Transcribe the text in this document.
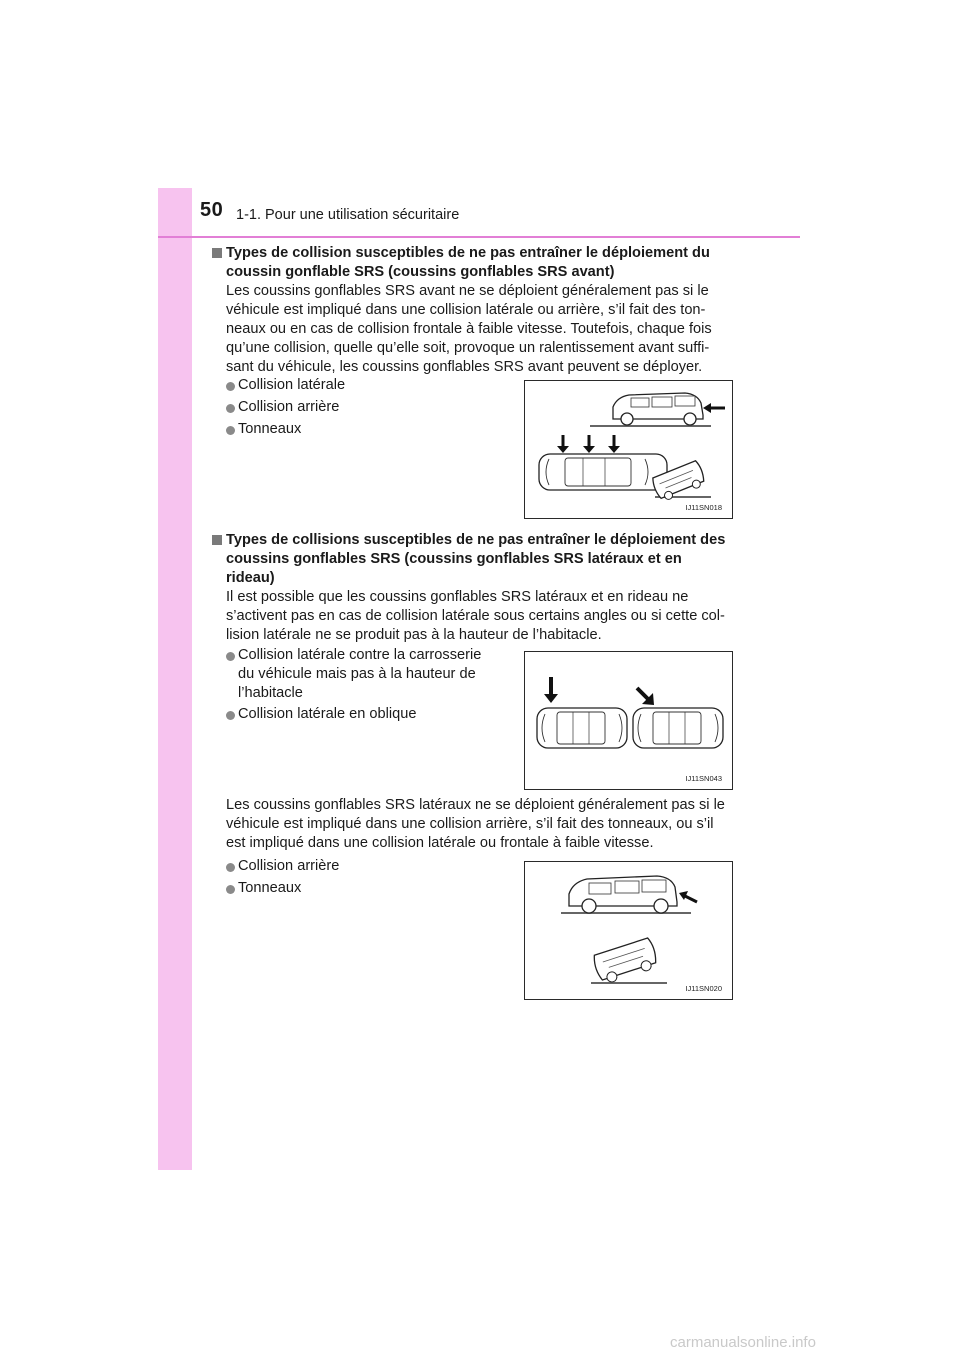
50 1-1. Pour une utilisation sécuritaire
Types de collision susceptibles de ne pas entraîner le déploiement du
coussin gonflable SRS (coussins gonflables SRS avant)
Les coussins gonflables SRS avant ne se déploient généralement pas si le
véhicule est impliqué dans une collision latérale ou arrière, s’il fait des ton-
neaux ou en cas de collision frontale à faible vitesse. Toutefois, chaque fois
qu’une collision, quelle qu’elle soit, provoque un ralentissement avant suffi-
sant du véhicule, les coussins gonflables SRS avant peuvent se déployer.
Collision latérale
Collision arrière
Tonneaux
IJ11SN018
Types de collisions susceptibles de ne pas entraîner le déploiement des
coussins gonflables SRS (coussins gonflables SRS latéraux et en
rideau)
Il est possible que les coussins gonflables SRS latéraux et en rideau ne
s’activent pas en cas de collision latérale sous certains angles ou si cette col-
lision latérale ne se produit pas à la hauteur de l’habitacle.
Collision latérale contre la carrosserie
du véhicule mais pas à la hauteur de
l’habitacle
Collision latérale en oblique
IJ11SN043
Les coussins gonflables SRS latéraux ne se déploient généralement pas si le
véhicule est impliqué dans une collision arrière, s’il fait des tonneaux, ou s’il
est impliqué dans une collision latérale ou frontale à faible vitesse.
Collision arrière
Tonneaux
IJ11SN020
carmanualsonline.info
